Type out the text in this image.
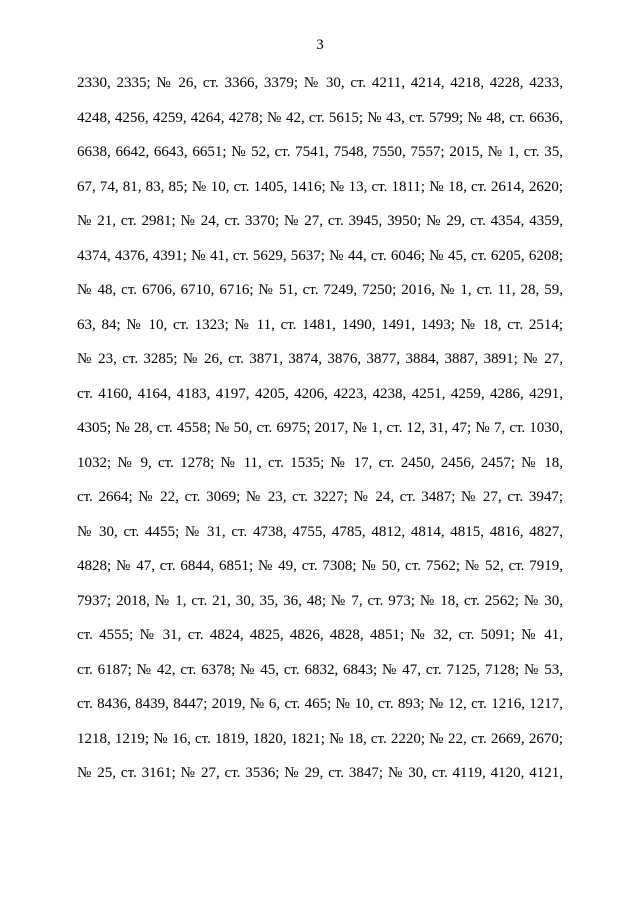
3
2330, 2335; № 26, ст. 3366, 3379; № 30, ст. 4211, 4214, 4218, 4228, 4233,
4248, 4256, 4259, 4264, 4278; № 42, ст. 5615; № 43, ст. 5799; № 48, ст. 6636,
6638, 6642, 6643, 6651; № 52, ст. 7541, 7548, 7550, 7557; 2015, № 1, ст. 35,
67, 74, 81, 83, 85; № 10, ст. 1405, 1416; № 13, ст. 1811; № 18, ст. 2614, 2620;
№ 21, ст. 2981; № 24, ст. 3370; № 27, ст. 3945, 3950; № 29, ст. 4354, 4359,
4374, 4376, 4391; № 41, ст. 5629, 5637; № 44, ст. 6046; № 45, ст. 6205, 6208;
№ 48, ст. 6706, 6710, 6716; № 51, ст. 7249, 7250; 2016, № 1, ст. 11, 28, 59,
63, 84; № 10, ст. 1323; № 11, ст. 1481, 1490, 1491, 1493; № 18, ст. 2514;
№ 23, ст. 3285; № 26, ст. 3871, 3874, 3876, 3877, 3884, 3887, 3891; № 27,
ст. 4160, 4164, 4183, 4197, 4205, 4206, 4223, 4238, 4251, 4259, 4286, 4291,
4305; № 28, ст. 4558; № 50, ст. 6975; 2017, № 1, ст. 12, 31, 47; № 7, ст. 1030,
1032; № 9, ст. 1278; № 11, ст. 1535; № 17, ст. 2450, 2456, 2457; № 18,
ст. 2664; № 22, ст. 3069; № 23, ст. 3227; № 24, ст. 3487; № 27, ст. 3947;
№ 30, ст. 4455; № 31, ст. 4738, 4755, 4785, 4812, 4814, 4815, 4816, 4827,
4828; № 47, ст. 6844, 6851; № 49, ст. 7308; № 50, ст. 7562; № 52, ст. 7919,
7937; 2018, № 1, ст. 21, 30, 35, 36, 48; № 7, ст. 973; № 18, ст. 2562; № 30,
ст. 4555; № 31, ст. 4824, 4825, 4826, 4828, 4851; № 32, ст. 5091; № 41,
ст. 6187; № 42, ст. 6378; № 45, ст. 6832, 6843; № 47, ст. 7125, 7128; № 53,
ст. 8436, 8439, 8447; 2019, № 6, ст. 465; № 10, ст. 893; № 12, ст. 1216, 1217,
1218, 1219; № 16, ст. 1819, 1820, 1821; № 18, ст. 2220; № 22, ст. 2669, 2670;
№ 25, ст. 3161; № 27, ст. 3536; № 29, ст. 3847; № 30, ст. 4119, 4120, 4121,
